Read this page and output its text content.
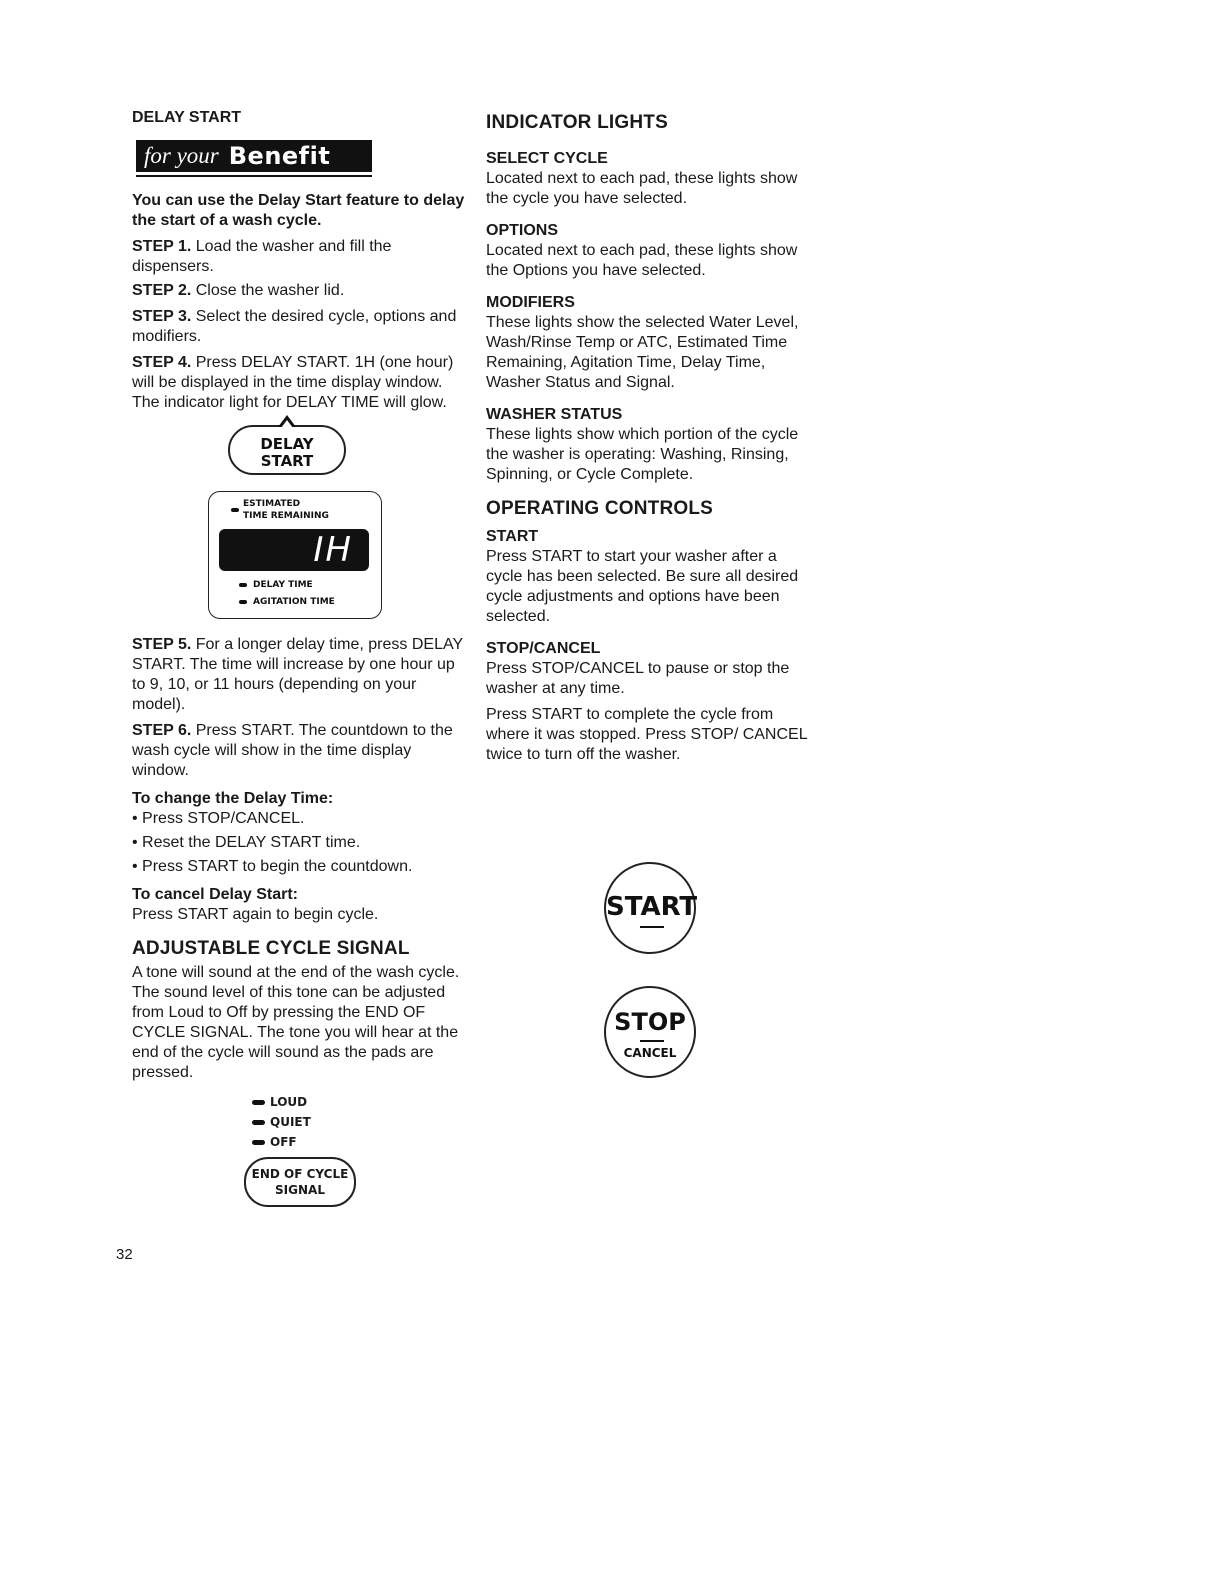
DELAY START

for your Benefit

You can use the Delay Start feature to delay the start of a wash cycle.

STEP 1. Load the washer and fill the dispensers.

STEP 2. Close the washer lid.

STEP 3. Select the desired cycle, options and modifiers.

STEP 4. Press DELAY START. 1H (one hour) will be displayed in the time display window. The indicator light for DELAY TIME will glow.

DELAY
START
ESTIMATED
TIME REMAINING
IH
DELAY TIME
AGITATION TIME

STEP 5. For a longer delay time, press DELAY START. The time will increase by one hour up to 9, 10, or 11 hours (depending on your model).

STEP 6. Press START. The countdown to the wash cycle will show in the time display window.

To change the Delay Time:

• Press STOP/CANCEL.

• Reset the DELAY START time.

• Press START to begin the countdown.

To cancel Delay Start:

Press START again to begin cycle.

ADJUSTABLE CYCLE SIGNAL

A tone will sound at the end of the wash cycle. The sound level of this tone can be adjusted from Loud to Off by pressing the END OF CYCLE SIGNAL. The tone you will hear at the end of the cycle will sound as the pads are pressed.

LOUD
QUIET
OFF
END OF CYCLE
SIGNAL

INDICATOR LIGHTS

SELECT CYCLE

Located next to each pad, these lights show the cycle you have selected.

OPTIONS

Located next to each pad, these lights show the Options you have selected.

MODIFIERS

These lights show the selected Water Level, Wash/Rinse Temp or ATC, Estimated Time Remaining, Agitation Time, Delay Time, Washer Status and Signal.

WASHER STATUS

These lights show which portion of the cycle the washer is operating: Washing, Rinsing, Spinning, or Cycle Complete.

OPERATING CONTROLS

START

Press START to start your washer after a cycle has been selected. Be sure all desired cycle adjustments and options have been selected.

STOP/CANCEL

Press STOP/CANCEL to pause or stop the washer at any time.

Press START to complete the cycle from where it was stopped. Press STOP/ CANCEL twice to turn off the washer.

START
STOP
CANCEL
32
